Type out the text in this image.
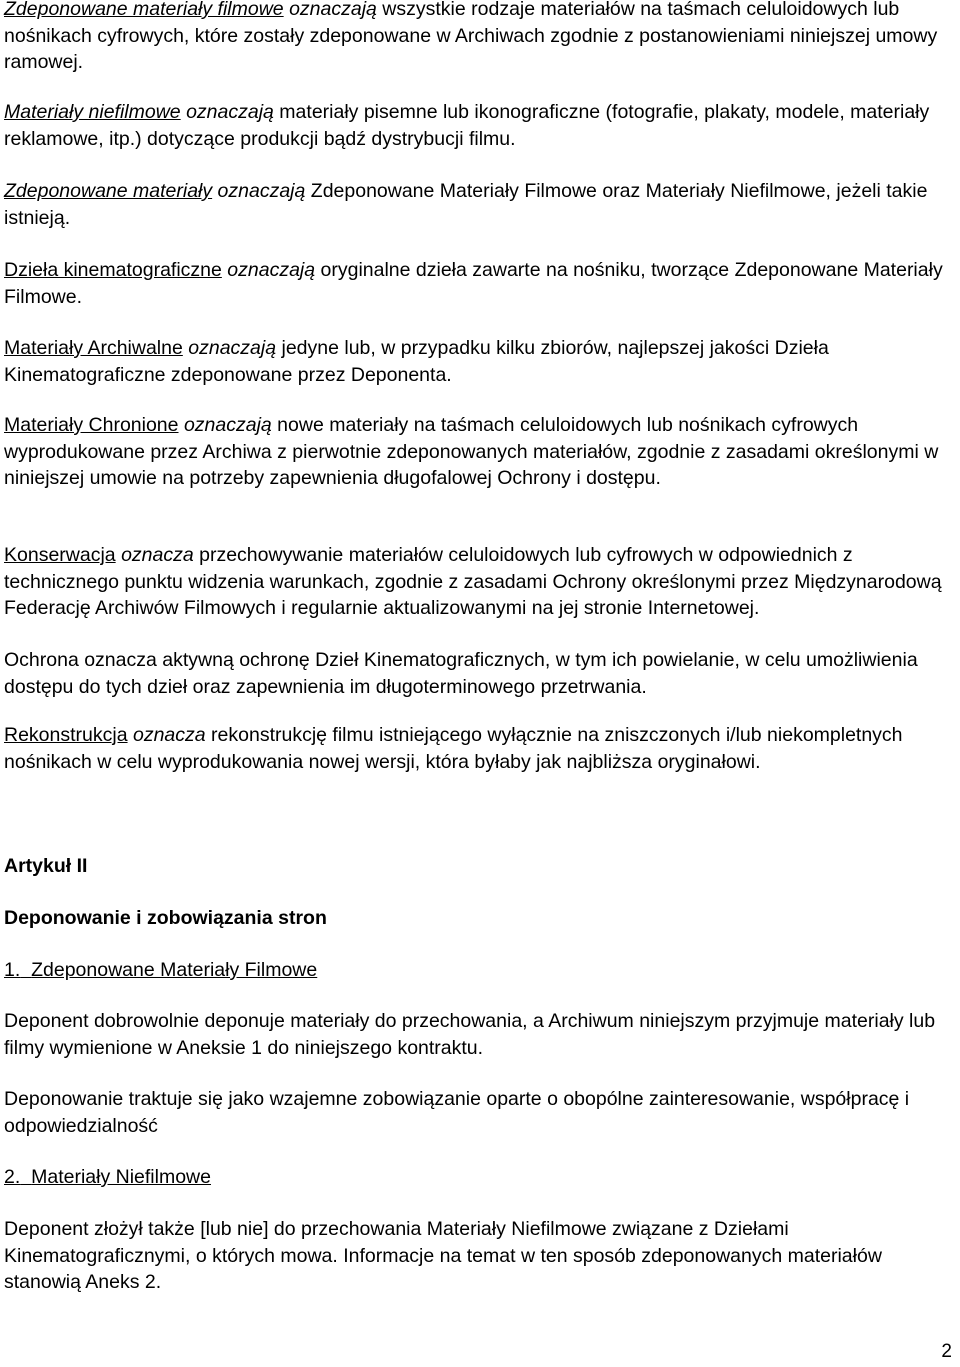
Zdeponowane materiały filmowe oznaczają wszystkie rodzaje materiałów na taśmach celuloidowych lub nośnikach cyfrowych, które zostały zdeponowane w Archiwach zgodnie z postanowieniami niniejszej umowy ramowej.

Materiały niefilmowe oznaczają materiały pisemne lub ikonograficzne (fotografie, plakaty, modele, materiały reklamowe, itp.) dotyczące produkcji bądź dystrybucji filmu.

Zdeponowane materiały oznaczają Zdeponowane Materiały Filmowe oraz Materiały Niefilmowe, jeżeli takie istnieją.

Dzieła kinematograficzne oznaczają oryginalne dzieła zawarte na nośniku, tworzące Zdeponowane Materiały Filmowe.

Materiały Archiwalne oznaczają jedyne lub, w przypadku kilku zbiorów, najlepszej jakości Dzieła Kinematograficzne zdeponowane przez Deponenta.

Materiały Chronione oznaczają nowe materiały na taśmach celuloidowych lub nośnikach cyfrowych wyprodukowane przez Archiwa z pierwotnie zdeponowanych materiałów, zgodnie z zasadami określonymi w niniejszej umowie na potrzeby zapewnienia długofalowej Ochrony i dostępu.

Konserwacja oznacza przechowywanie materiałów celuloidowych lub cyfrowych w odpowiednich z technicznego punktu widzenia warunkach, zgodnie z zasadami Ochrony określonymi przez Międzynarodową Federację Archiwów Filmowych i regularnie aktualizowanymi na jej stronie Internetowej.

Ochrona oznacza aktywną ochronę Dzieł Kinematograficznych, w tym ich powielanie, w celu umożliwienia dostępu do tych dzieł oraz zapewnienia im długoterminowego przetrwania.

Rekonstrukcja oznacza rekonstrukcję filmu istniejącego wyłącznie na zniszczonych i/lub niekompletnych nośnikach w celu wyprodukowania nowej wersji, która byłaby jak najbliższa oryginałowi.

Artykuł II
Deponowanie i zobowiązania stron

1. Zdeponowane Materiały Filmowe

Deponent dobrowolnie deponuje materiały do przechowania, a Archiwum niniejszym przyjmuje materiały lub filmy wymienione w Aneksie 1 do niniejszego kontraktu.

Deponowanie traktuje się jako wzajemne zobowiązanie oparte o obopólne zainteresowanie, współpracę i odpowiedzialność

2. Materiały Niefilmowe

Deponent złożył także [lub nie] do przechowania Materiały Niefilmowe związane z Dziełami Kinematograficznymi, o których mowa. Informacje na temat w ten sposób zdeponowanych materiałów stanowią Aneks 2.

2
